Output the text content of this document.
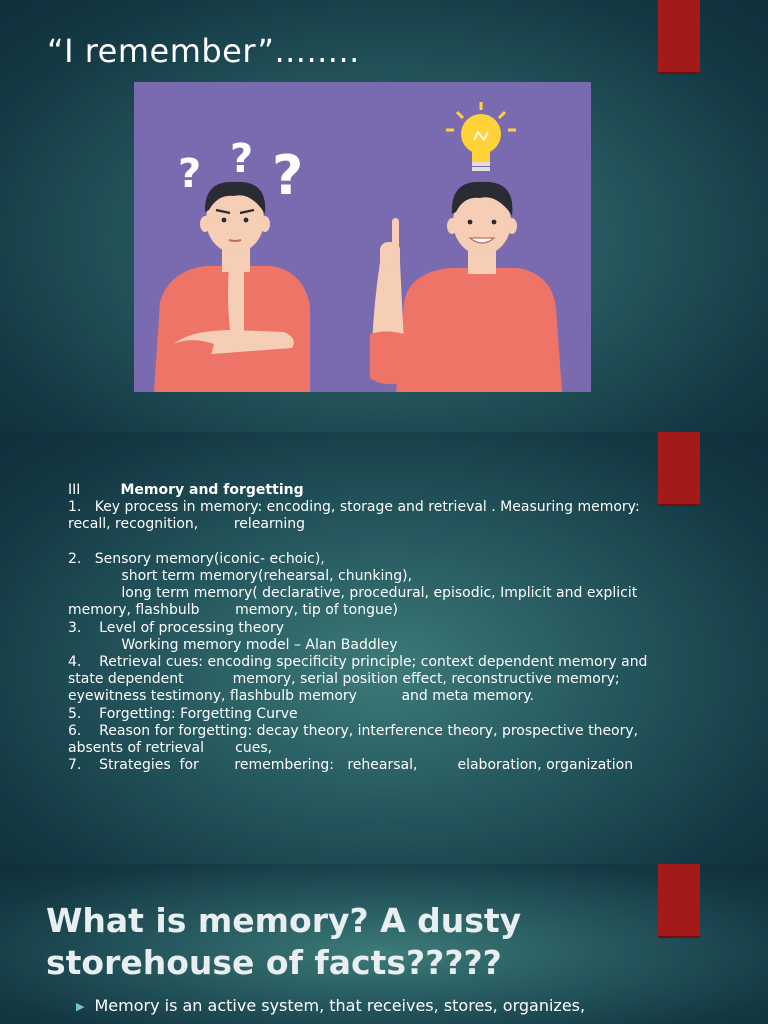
“I remember”........
? ? ?
III	Memory and forgetting
1.   Key process in memory: encoding, storage and retrieval . Measuring memory:
recall, recognition,        relearning

2.   Sensory memory(iconic- echoic),
short term memory(rehearsal, chunking),
long term memory( declarative, procedural, episodic, Implicit and explicit
memory, flashbulb        memory, tip of tongue)
3.    Level of processing theory
Working memory model – Alan Baddley
4.    Retrieval cues: encoding specificity principle; context dependent memory and
state dependent           memory, serial position effect, reconstructive memory;
eyewitness testimony, flashbulb memory          and meta memory.
5.    Forgetting: Forgetting Curve
6.    Reason for forgetting: decay theory, interference theory, prospective theory,
absents of retrieval       cues,
7.    Strategies  for        remembering:   rehearsal,         elaboration, organization
What is memory? A dusty
storehouse of facts?????
▶ Memory is an active system, that receives, stores, organizes,
